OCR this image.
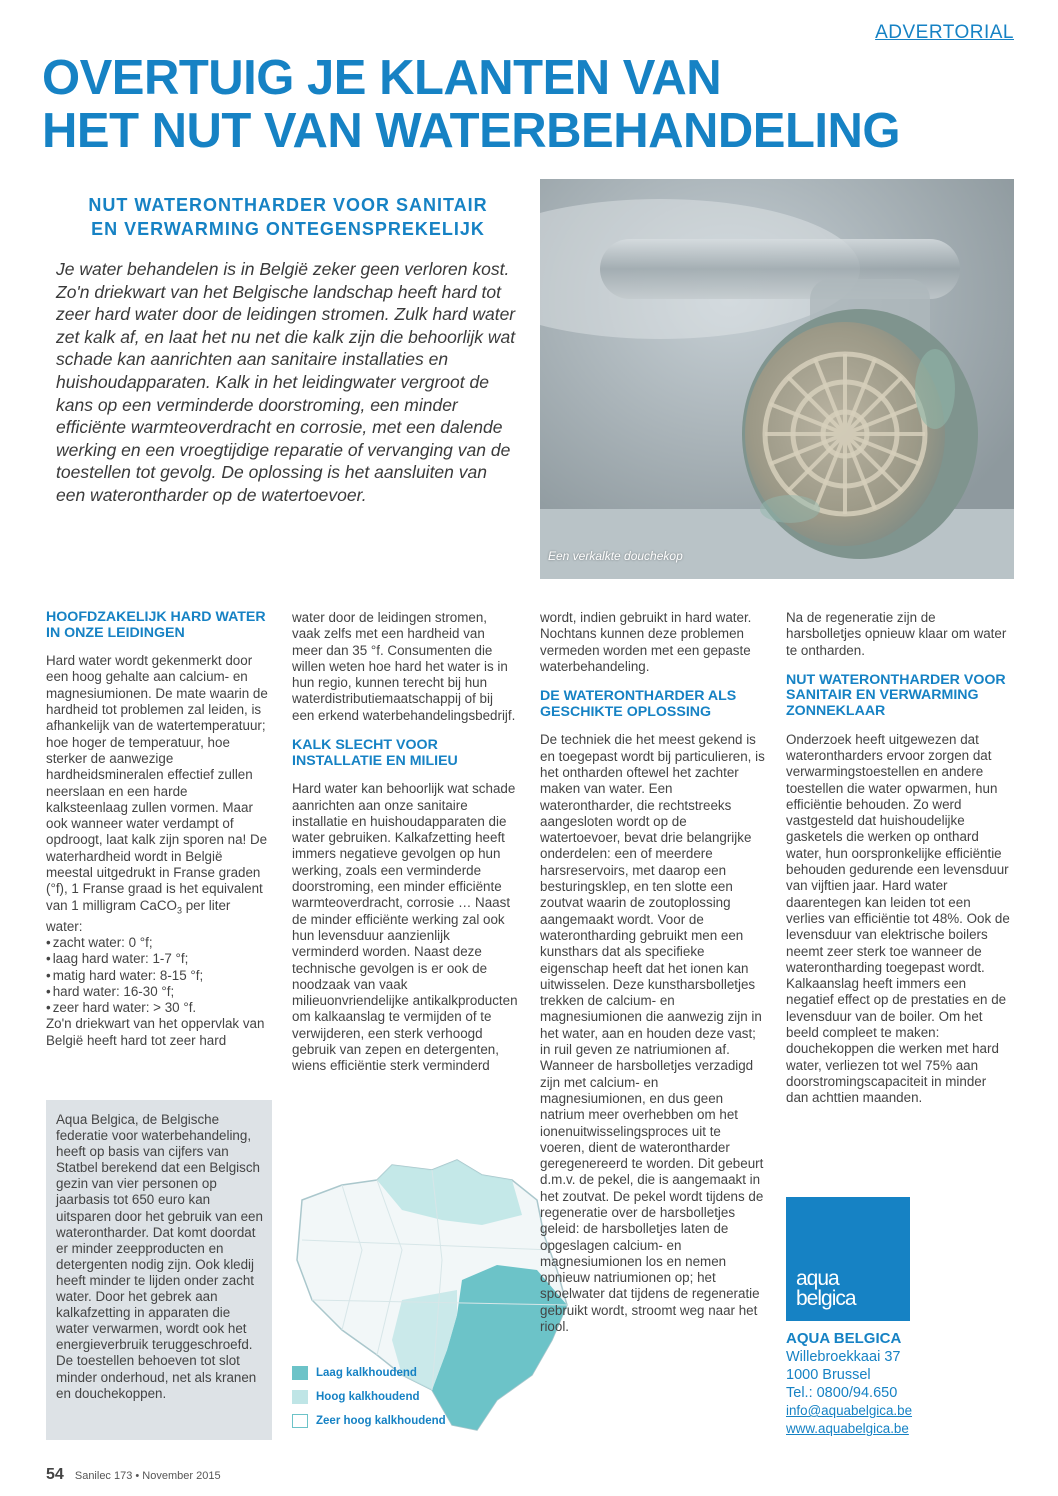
ADVERTORIAL
OVERTUIG JE KLANTEN VAN
HET NUT VAN WATERBEHANDELING
NUT WATERONTHARDER VOOR SANITAIR
EN VERWARMING ONTEGENSPREKELIJK

Je water behandelen is in België zeker geen verloren kost. Zo'n driekwart van het Belgische landschap heeft hard tot zeer hard water door de leidingen stromen. Zulk hard water zet kalk af, en laat het nu net die kalk zijn die behoorlijk wat schade kan aanrichten aan sanitaire installaties en huishoudapparaten. Kalk in het leidingwater vergroot de kans op een verminderde doorstroming, een minder efficiënte warmteoverdracht en corrosie, met een dalende werking en een vroegtijdige reparatie of vervanging van de toestellen tot gevolg. De oplossing is het aansluiten van een waterontharder op de watertoevoer.

Een verkalkte douchekop
HOOFDZAKELIJK HARD WATER IN ONZE LEIDINGEN

Hard water wordt gekenmerkt door een hoog gehalte aan calcium- en magnesiumionen. De mate waarin de hardheid tot problemen zal leiden, is afhankelijk van de watertemperatuur; hoe hoger de temperatuur, hoe sterker de aanwezige hardheidsmineralen effectief zullen neerslaan en een harde kalksteenlaag zullen vormen. Maar ook wanneer water verdampt of opdroogt, laat kalk zijn sporen na! De waterhardheid wordt in België meestal uitgedrukt in Franse graden (°f), 1 Franse graad is het equivalent van 1 milligram CaCO$_3$ per liter water:

• zacht water: 0 °f;
• laag hard water: 1-7 °f;
• matig hard water: 8-15 °f;
• hard water: 16-30 °f;
• zeer hard water: > 30 °f.

Zo'n driekwart van het oppervlak van België heeft hard tot zeer hard

Aqua Belgica, de Belgische federatie voor waterbehandeling, heeft op basis van cijfers van Statbel berekend dat een Belgisch gezin van vier personen op jaarbasis tot 650 euro kan uitsparen door het gebruik van een waterontharder. Dat komt doordat er minder zeepproducten en detergenten nodig zijn. Ook kledij heeft minder te lijden onder zacht water. Door het gebrek aan kalkafzetting in apparaten die water verwarmen, wordt ook het energieverbruik teruggeschroefd. De toestellen behoeven tot slot minder onderhoud, net als kranen en douchekoppen.

water door de leidingen stromen, vaak zelfs met een hardheid van meer dan 35 °f. Consumenten die willen weten hoe hard het water is in hun regio, kunnen terecht bij hun waterdistributiemaatschappij of bij een erkend waterbehandelingsbedrijf.

KALK SLECHT VOOR INSTALLATIE EN MILIEU

Hard water kan behoorlijk wat schade aanrichten aan onze sanitaire installatie en huishoudapparaten die water gebruiken. Kalkafzetting heeft immers negatieve gevolgen op hun werking, zoals een verminderde doorstroming, een minder efficiënte warmteoverdracht, corrosie … Naast de minder efficiënte werking zal ook hun levensduur aanzienlijk verminderd worden. Naast deze technische gevolgen is er ook de noodzaak van vaak milieuonvriendelijke antikalkproducten om kalkaanslag te vermijden of te verwijderen, een sterk verhoogd gebruik van zepen en detergenten, wiens efficiëntie sterk verminderd

Laag kalkhoudend
Hoog kalkhoudend
Zeer hoog kalkhoudend

wordt, indien gebruikt in hard water. Nochtans kunnen deze problemen vermeden worden met een gepaste waterbehandeling.

DE WATERONTHARDER ALS GESCHIKTE OPLOSSING

De techniek die het meest gekend is en toegepast wordt bij particulieren, is het ontharden oftewel het zachter maken van water. Een waterontharder, die rechtstreeks aangesloten wordt op de watertoevoer, bevat drie belangrijke onderdelen: een of meerdere harsreservoirs, met daarop een besturingsklep, en ten slotte een zoutvat waarin de zoutoplossing aangemaakt wordt. Voor de waterontharding gebruikt men een kunsthars dat als specifieke eigenschap heeft dat het ionen kan uitwisselen. Deze kunstharsbolletjes trekken de calcium- en magnesiumionen die aanwezig zijn in het water, aan en houden deze vast; in ruil geven ze natriumionen af. Wanneer de harsbolletjes verzadigd zijn met calcium- en magnesiumionen, en dus geen natrium meer overhebben om het ionenuitwisselingsproces uit te voeren, dient de waterontharder geregenereerd te worden. Dit gebeurt d.m.v. de pekel, die is aangemaakt in het zoutvat. De pekel wordt tijdens de regeneratie over de harsbolletjes geleid: de harsbolletjes laten de opgeslagen calcium- en magnesiumionen los en nemen opnieuw natriumionen op; het spoelwater dat tijdens de regeneratie gebruikt wordt, stroomt weg naar het riool.

Na de regeneratie zijn de harsbolletjes opnieuw klaar om water te ontharden.

NUT WATERONTHARDER VOOR SANITAIR EN VERWARMING ZONNEKLAAR

Onderzoek heeft uitgewezen dat waterontharders ervoor zorgen dat verwarmingstoestellen en andere toestellen die water opwarmen, hun efficiëntie behouden. Zo werd vastgesteld dat huishoudelijke gasketels die werken op onthard water, hun oorspronkelijke efficiëntie behouden gedurende een levensduur van vijftien jaar. Hard water daarentegen kan leiden tot een verlies van efficiëntie tot 48%. Ook de levensduur van elektrische boilers neemt zeer sterk toe wanneer de waterontharding toegepast wordt. Kalkaanslag heeft immers een negatief effect op de prestaties en de levensduur van de boiler. Om het beeld compleet te maken: douchekoppen die werken met hard water, verliezen tot wel 75% aan doorstromingscapaciteit in minder dan achttien maanden.

aqua
belgica
AQUA BELGICA
Willebroekkaai 37
1000 Brussel
Tel.: 0800/94.650
info@aquabelgica.be
www.aquabelgica.be
54 Sanilec 173 • November 2015
